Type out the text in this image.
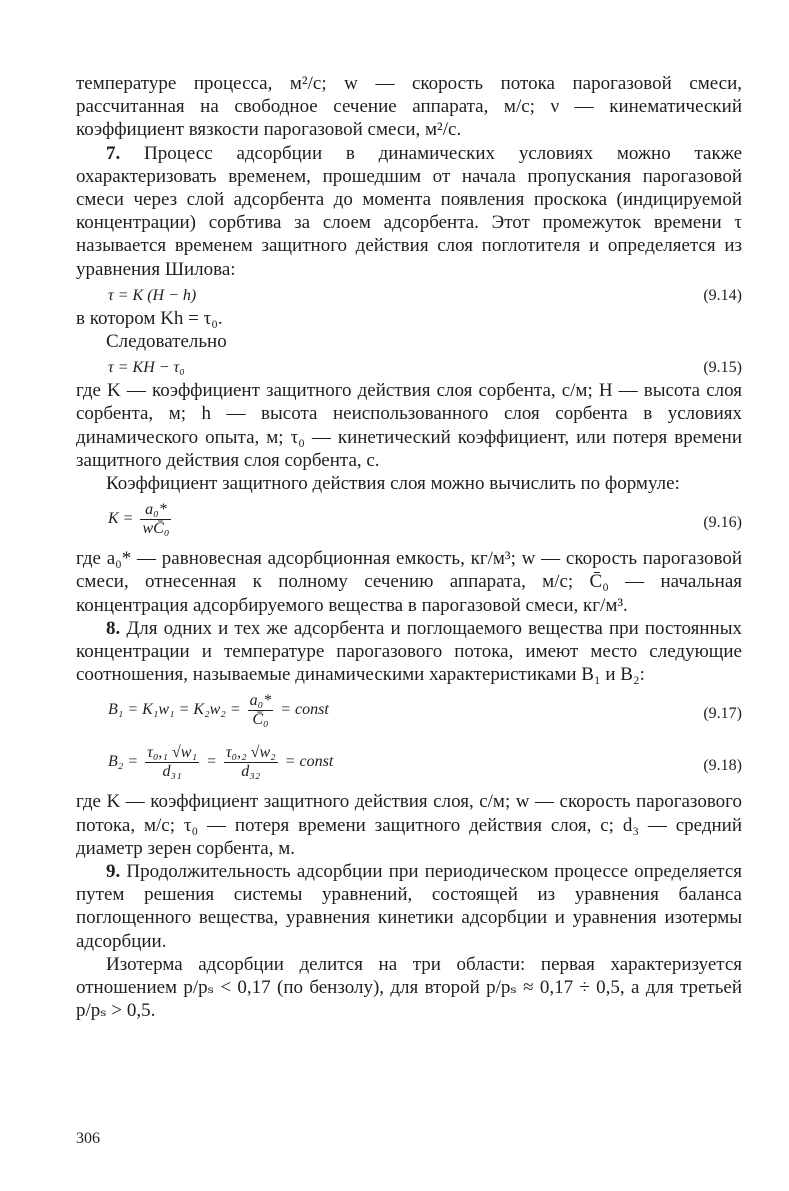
температуре процесса, м²/с; w — скорость потока парогазовой смеси, рассчитанная на свободное сечение аппарата, м/с; ν — кинематический коэффициент вязкости парогазовой смеси, м²/с.

7. Процесс адсорбции в динамических условиях можно также охарактеризовать временем, прошедшим от начала пропускания парогазовой смеси через слой адсорбента до момента появления проскока (индицируемой концентрации) сорбтива за слоем адсорбента. Этот промежуток времени τ называется временем защитного действия слоя поглотителя и определяется из уравнения Шилова:

τ = K (H − h)	(9.14)

в котором Kh = τ₀.

Следовательно

τ = KH − τ₀	(9.15)

где K — коэффициент защитного действия слоя сорбента, с/м; H — высота слоя сорбента, м; h — высота неиспользованного слоя сорбента в условиях динамического опыта, м; τ₀ — кинетический коэффициент, или потеря времени защитного действия слоя сорбента, с.

Коэффициент защитного действия слоя можно вычислить по формуле:

$K = \frac{\text{a₀*}}{\text{wC̄₀}}$	(9.16)

где a₀* — равновесная адсорбционная емкость, кг/м³; w — скорость парогазовой смеси, отнесенная к полному сечению аппарата, м/с; C̄₀ — начальная концентрация адсорбируемого вещества в парогазовой смеси, кг/м³.

8. Для одних и тех же адсорбента и поглощаемого вещества при постоянных концентрации и температуре парогазового потока, имеют место следующие соотношения, называемые динамическими характеристиками B₁ и B₂:

$B_1 = K_1w_1 = K_2w_2 = \frac{\text{a₀*}}{\text{C̄₀}}$ = const	(9.17)
$B_2 = \frac{\text{τ₀,₁ √w₁}}{\text{d₃₁}} = \frac{\text{τ₀,₂ √w₂}}{\text{d₃₂}}$ = const	(9.18)

где K — коэффициент защитного действия слоя, с/м; w — скорость парогазового потока, м/с; τ₀ — потеря времени защитного действия слоя, с; d₃ — средний диаметр зерен сорбента, м.

9. Продолжительность адсорбции при периодическом процессе определяется путем решения системы уравнений, состоящей из уравнения баланса поглощенного вещества, уравнения кинетики адсорбции и уравнения изотермы адсорбции.

Изотерма адсорбции делится на три области: первая характеризуется отношением p/pₛ < 0,17 (по бензолу), для второй p/pₛ ≈ 0,17 ÷ 0,5, а для третьей p/pₛ > 0,5.

306
